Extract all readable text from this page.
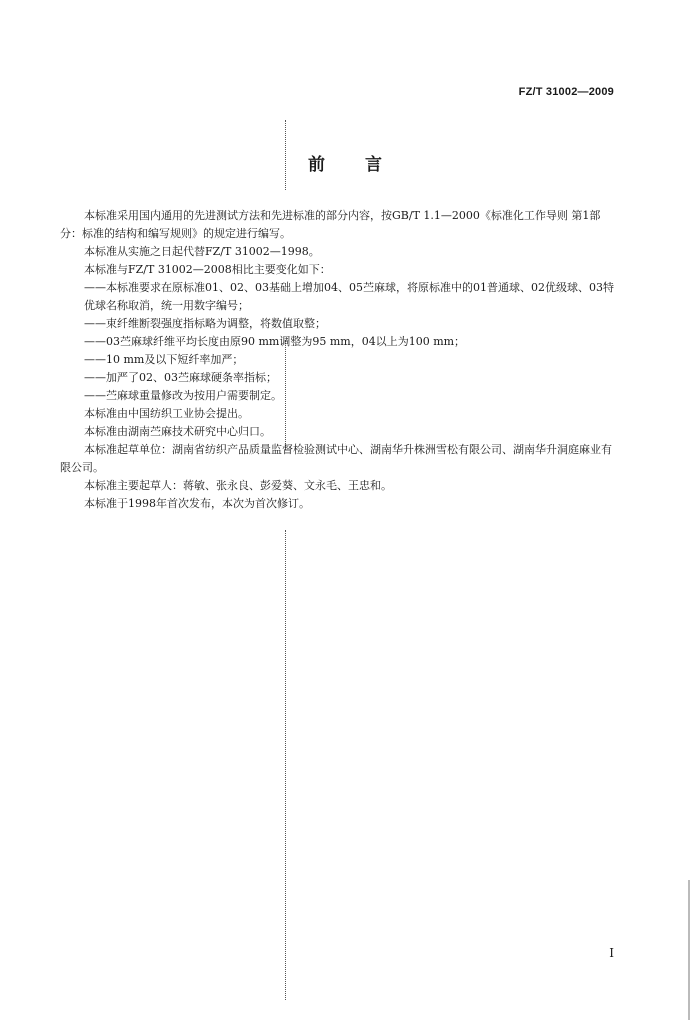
FZ/T 31002—2009
前言

本标准采用国内通用的先进测试方法和先进标准的部分内容，按GB/T 1.1—2000《标准化工作导则 第1部分：标准的结构和编写规则》的规定进行编写。

本标准从实施之日起代替FZ/T 31002—1998。

本标准与FZ/T 31002—2008相比主要变化如下：

——本标准要求在原标准01、02、03基础上增加04、05苎麻球，将原标准中的01普通球、02优级球、03特优球名称取消，统一用数字编号；

——束纤维断裂强度指标略为调整，将数值取整；

——03苎麻球纤维平均长度由原90 mm调整为95 mm，04以上为100 mm；

——10 mm及以下短纤率加严；

——加严了02、03苎麻球硬条率指标；

——苎麻球重量修改为按用户需要制定。

本标准由中国纺织工业协会提出。

本标准由湖南苎麻技术研究中心归口。

本标准起草单位：湖南省纺织产品质量监督检验测试中心、湖南华升株洲雪松有限公司、湖南华升洞庭麻业有限公司。

本标准主要起草人：蒋敏、张永良、彭爱葵、文永毛、王忠和。

本标准于1998年首次发布，本次为首次修订。

I
